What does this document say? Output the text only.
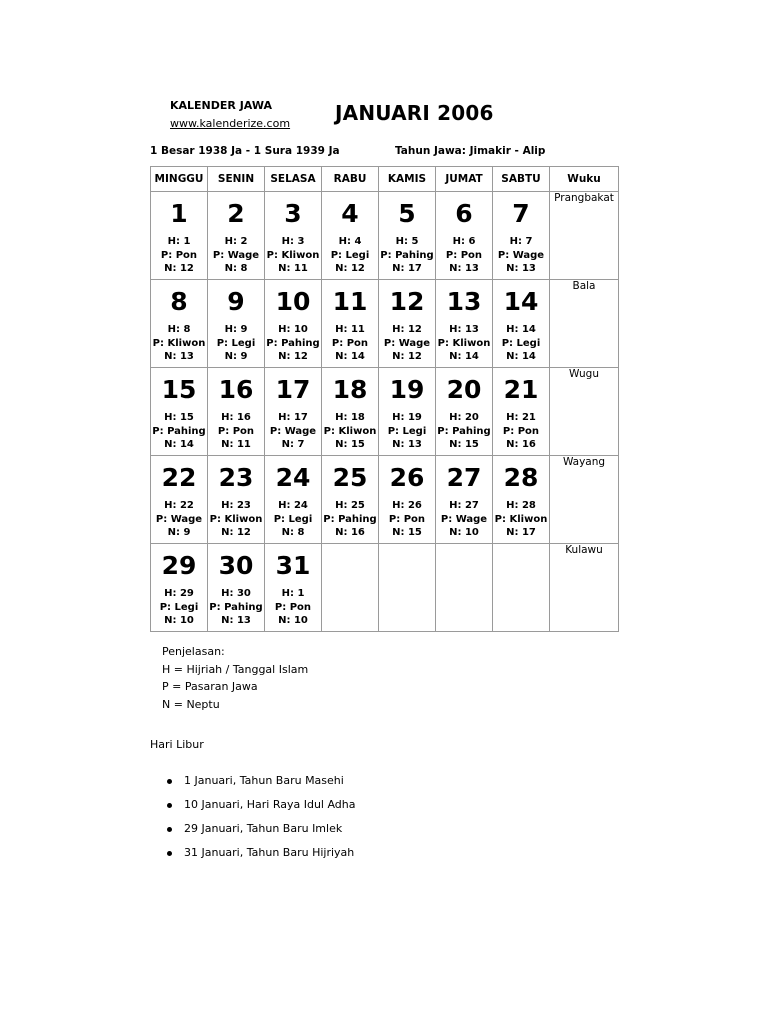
KALENDER JAWA
www.kalenderize.com JANUARI 2006
1 Besar 1938 Ja - 1 Sura 1939 Ja	Tahun Jawa: Jimakir - Alip
MINGGU	SENIN	SELASA	RABU	KAMIS	JUMAT	SABTU	Wuku

1
H: 1
P: Pon
N: 12	2
H: 2
P: Wage
N: 8	3
H: 3
P: Kliwon
N: 11	4
H: 4
P: Legi
N: 12	5
H: 5
P: Pahing
N: 17	6
H: 6
P: Pon
N: 13	7
H: 7
P: Wage
N: 13	Prangbakat

8
H: 8
P: Kliwon
N: 13	9
H: 9
P: Legi
N: 9	10
H: 10
P: Pahing
N: 12	11
H: 11
P: Pon
N: 14	12
H: 12
P: Wage
N: 12	13
H: 13
P: Kliwon
N: 14	14
H: 14
P: Legi
N: 14	Bala

15
H: 15
P: Pahing
N: 14	16
H: 16
P: Pon
N: 11	17
H: 17
P: Wage
N: 7	18
H: 18
P: Kliwon
N: 15	19
H: 19
P: Legi
N: 13	20
H: 20
P: Pahing
N: 15	21
H: 21
P: Pon
N: 16	Wugu

22
H: 22
P: Wage
N: 9	23
H: 23
P: Kliwon
N: 12	24
H: 24
P: Legi
N: 8	25
H: 25
P: Pahing
N: 16	26
H: 26
P: Pon
N: 15	27
H: 27
P: Wage
N: 10	28
H: 28
P: Kliwon
N: 17	Wayang

29
H: 29
P: Legi
N: 10	30
H: 30
P: Pahing
N: 13	31
H: 1
P: Pon
N: 10					Kulawu
Penjelasan:
H = Hijriah / Tanggal Islam
P = Pasaran Jawa
N = Neptu
Hari Libur
1 Januari, Tahun Baru Masehi
10 Januari, Hari Raya Idul Adha
29 Januari, Tahun Baru Imlek
31 Januari, Tahun Baru Hijriyah
